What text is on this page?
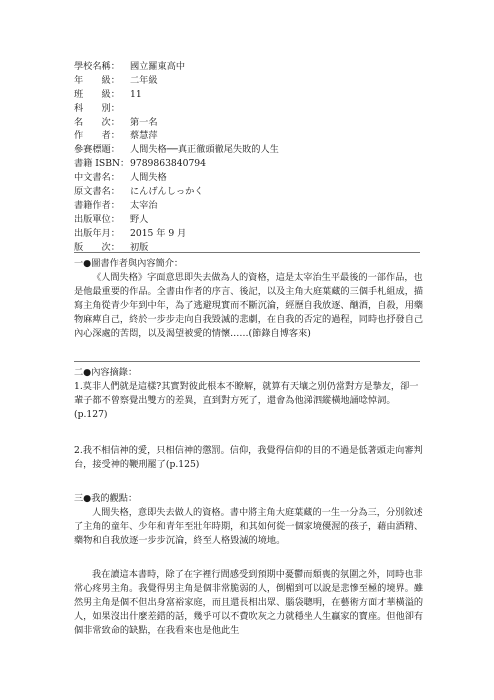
學校名稱：	國立羅東高中
年　　級：	二年級
班　　級：	11
科　　別：
名　　次：	第一名
作　　者：	蔡慧萍
參賽標題：	人間失格──真正徹頭徹尾失敗的人生
書籍 ISBN： 9789863840794
中文書名：	人間失格
原文書名：	にんげんしっかく
書籍作者：	太宰治
出版單位：	野人
出版年月：	2015 年 9 月
版　　次：	初版

一●圖書作者與內容簡介：

《人間失格》字面意思即失去做為人的資格，這是太宰治生平最後的一部作品，也是他最重要的作品。全書由作者的序言、後記，以及主角大庭葉藏的三個手札組成，描寫主角從青少年到中年，為了逃避現實而不斷沉淪，經歷自我放逐、酗酒，自殺，用藥物麻痺自己，終於一步步走向自我毀滅的悲劇，在自我的否定的過程，同時也抒發自己內心深處的苦悶，以及渴望被愛的情懷……(節錄自博客來)

二●內容摘錄：

1.莫非人們就是這樣?其實對彼此根本不瞭解，就算有天壤之別仍當對方是摯友，卻一輩子都不曾察覺出雙方的差異，直到對方死了，還會為他涕泗縱橫地誦唸悼詞。(p.127)

2.我不相信神的愛，只相信神的懲罰。信仰，我覺得信仰的目的不過是低著頭走向審判台，接受神的鞭刑罷了(p.125)

三●我的觀點：

人間失格，意即失去做人的資格。書中將主角大庭葉藏的一生一分為三，分別敘述了主角的童年、少年和青年至壯年時期，和其如何從一個家境優渥的孩子，藉由酒精、藥物和自我放逐一步步沉淪，終至人格毀滅的境地。

我在讀這本書時，除了在字裡行間感受到預期中憂鬱而頹喪的氛圍之外，同時也非常心疼男主角。我覺得男主角是個非常脆弱的人，倒楣到可以說是悲慘至極的境界。雖然男主角是個不但出身富裕家庭，而且還長相出眾、腦袋聰明，在藝術方面才華橫溢的人，如果沒出什麼差錯的話，幾乎可以不費吹灰之力就穩坐人生贏家的寶座。但他卻有個非常致命的缺點，在我看來也是他此生
